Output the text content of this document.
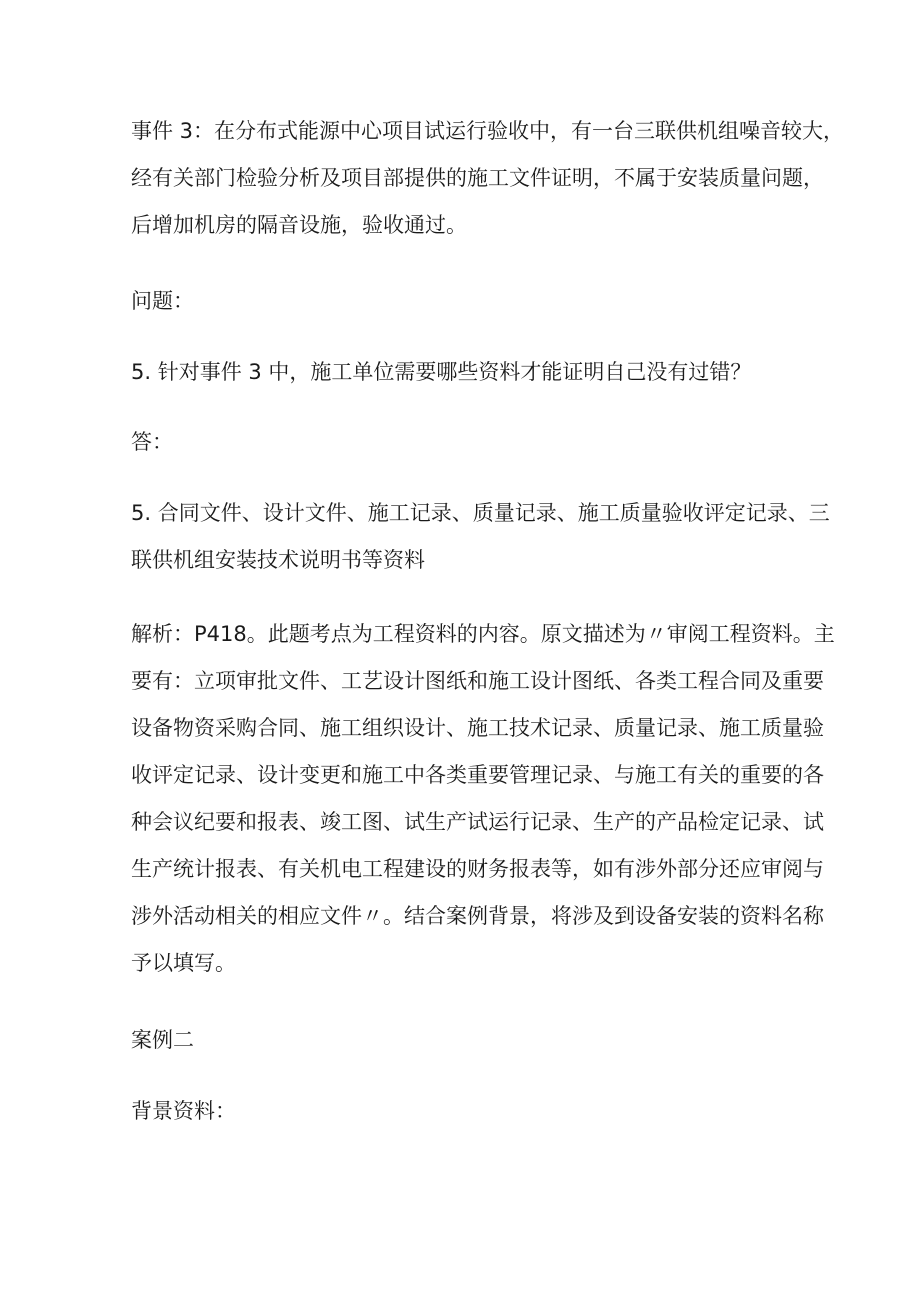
事件 3：在分布式能源中心项目试运行验收中，有一台三联供机组噪音较大，
经有关部门检验分析及项目部提供的施工文件证明，不属于安装质量问题，
后增加机房的隔音设施，验收通过。
问题：
5. 针对事件 3 中，施工单位需要哪些资料才能证明自己没有过错？
答：
5. 合同文件、设计文件、施工记录、质量记录、施工质量验收评定记录、三
联供机组安装技术说明书等资料
解析：P418。此题考点为工程资料的内容。原文描述为〃审阅工程资料。主
要有：立项审批文件、工艺设计图纸和施工设计图纸、各类工程合同及重要
设备物资采购合同、施工组织设计、施工技术记录、质量记录、施工质量验
收评定记录、设计变更和施工中各类重要管理记录、与施工有关的重要的各
种会议纪要和报表、竣工图、试生产试运行记录、生产的产品检定记录、试
生产统计报表、有关机电工程建设的财务报表等，如有涉外部分还应审阅与
涉外活动相关的相应文件〃。结合案例背景，将涉及到设备安装的资料名称
予以填写。
案例二
背景资料：
